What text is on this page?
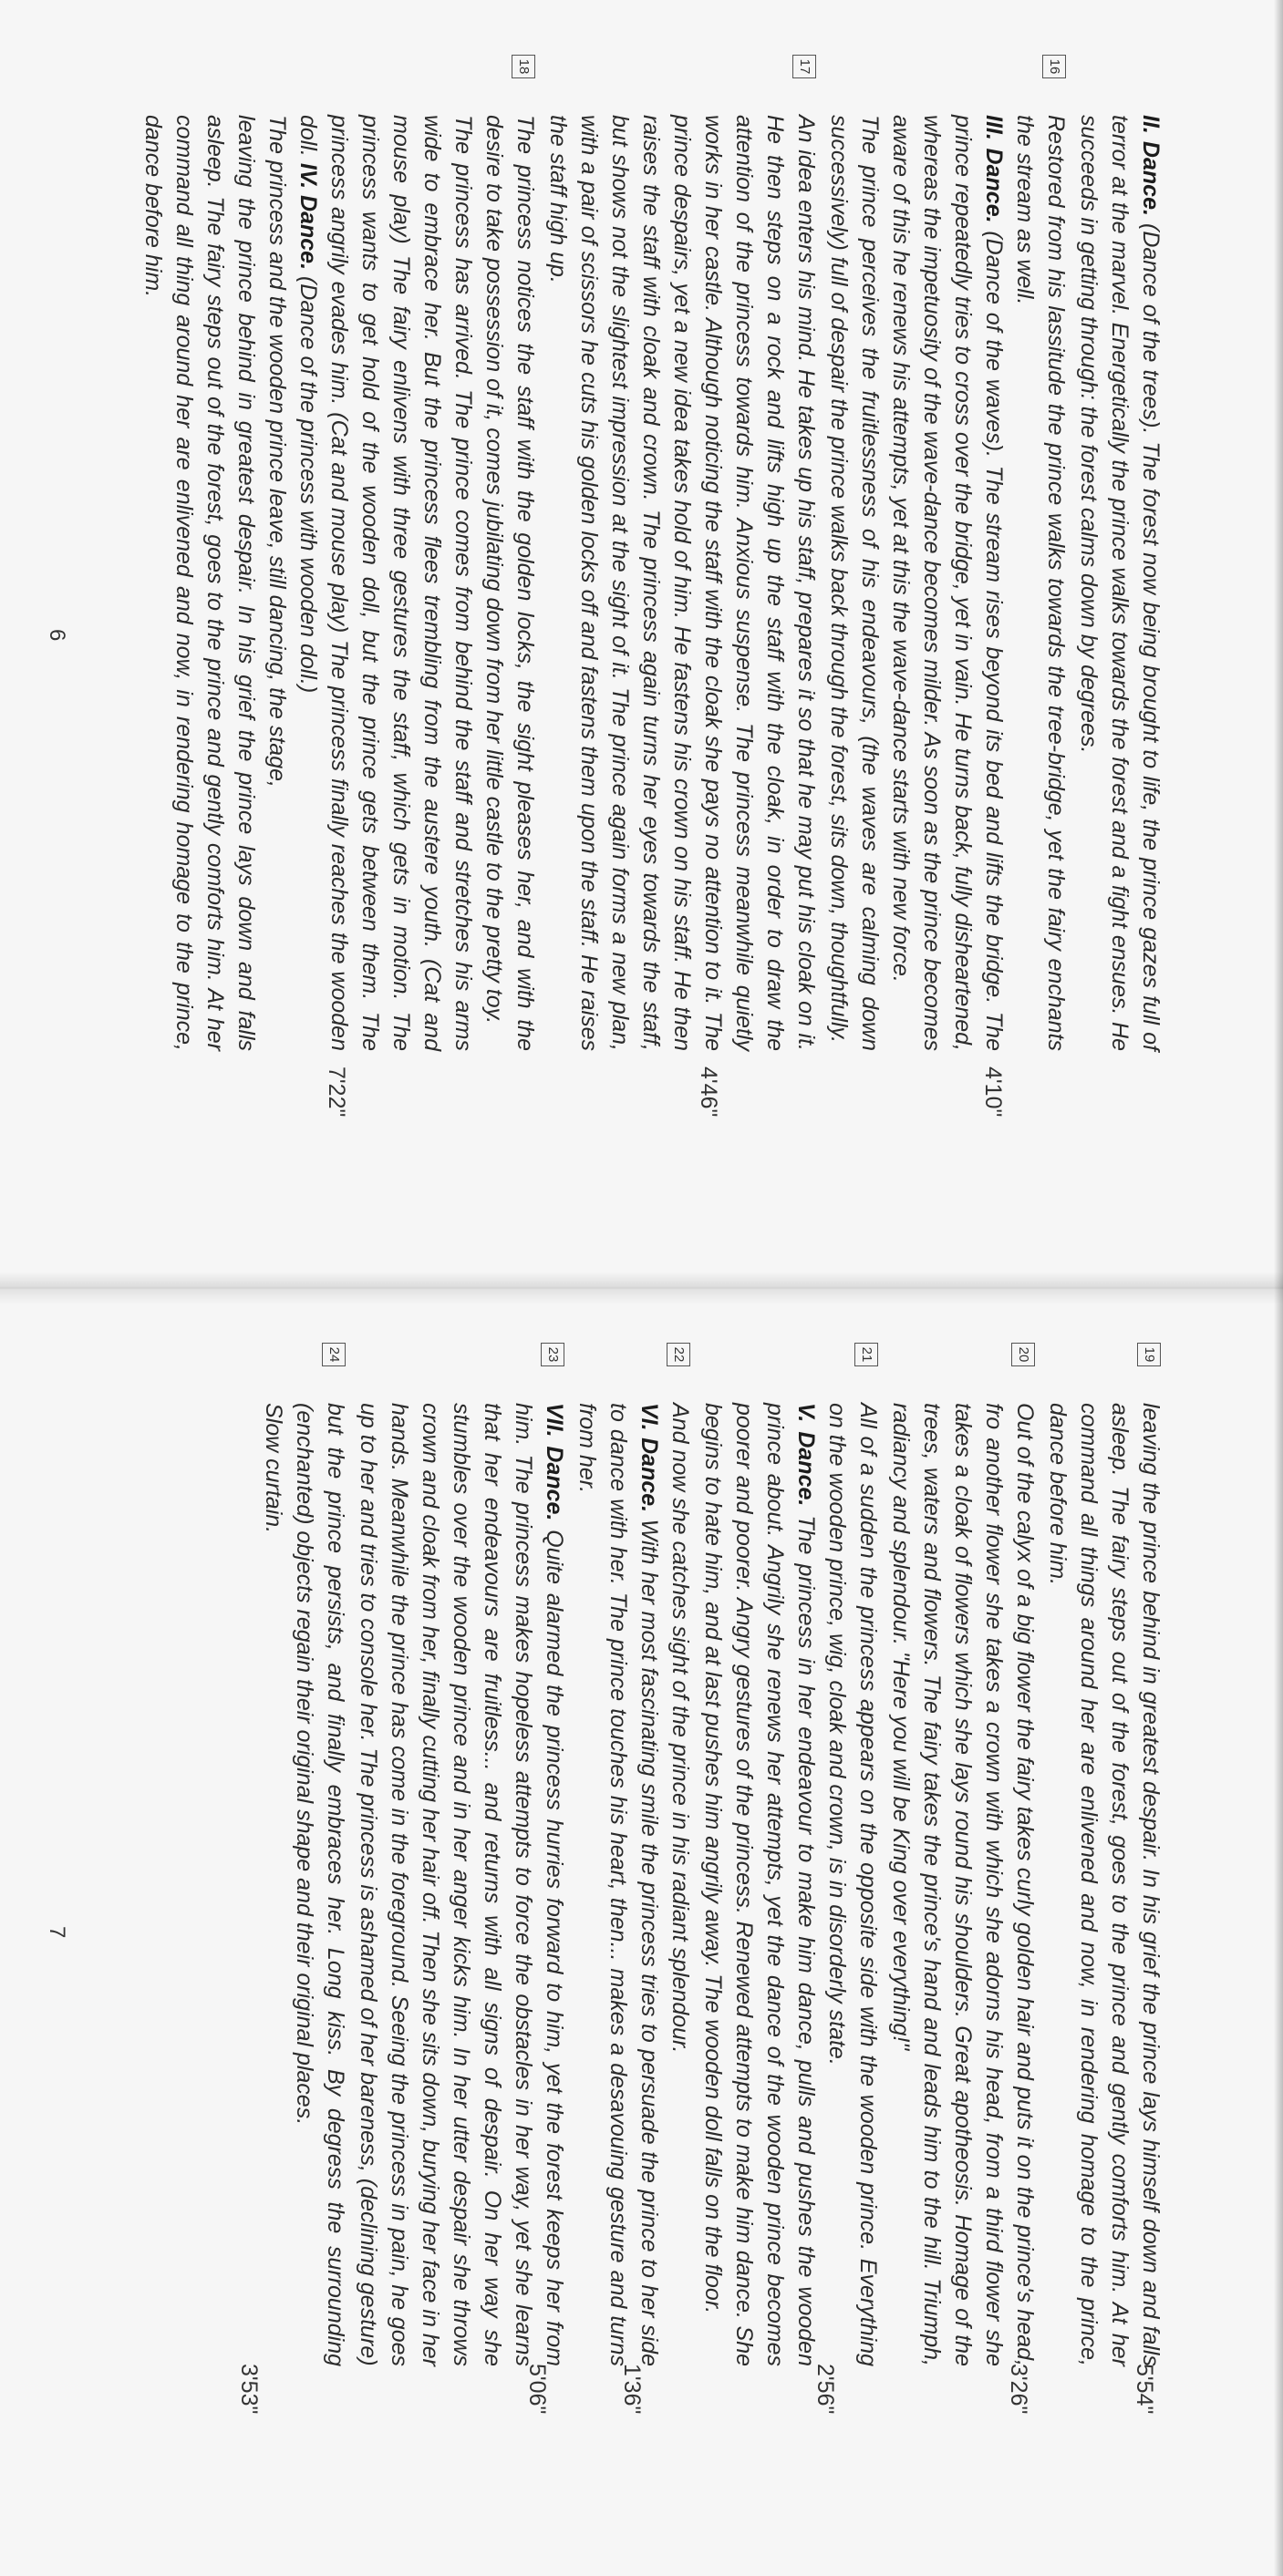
II. Dance. (Dance of the trees). The forest now being brought to life, the prince gazes full of terror at the marvel. Energetically the prince walks towards the forest and a fight ensues. He succeeds in getting through: the forest calms down by degrees.

16

Restored from his lassitude the prince walks towards the tree-bridge, yet the fairy enchants the stream as well.

III. Dance. (Dance of the waves). The stream rises beyond its bed and lifts the bridge. The prince repeatedly tries to cross over the bridge, yet in vain. He turns back, fully disheartened, whereas the impetuosity of the wave-dance becomes milder. As soon as the prince becomes aware of this he renews his attempts, yet at this the wave-dance starts with new force.

The prince perceives the fruitlessness of his endeavours, (the waves are calming down successively) full of despair the prince walks back through the forest, sits down, thoughtfully.

17

An idea enters his mind. He takes up his staff, prepares it so that he may put his cloak on it. He then steps on a rock and lifts high up the staff with the cloak, in order to draw the attention of the princess towards him. Anxious suspense. The princess meanwhile quietly works in her castle. Although noticing the staff with the cloak she pays no attention to it. The prince despairs, yet a new idea takes hold of him. He fastens his crown on his staff. He then raises the staff with cloak and crown. The princess again turns her eyes towards the staff, but shows not the slightest impression at the sight of it. The prince again forms a new plan, with a pair of scissors he cuts his golden locks off and fastens them upon the staff. He raises the staff high up.

18

The princess notices the staff with the golden locks, the sight pleases her, and with the desire to take possession of it, comes jubilating down from her little castle to the pretty toy.

The princess has arrived. The prince comes from behind the staff and stretches his arms wide to embrace her. But the princess flees trembling from the austere youth. (Cat and mouse play) The fairy enlivens with three gestures the staff, which gets in motion. The princess wants to get hold of the wooden doll, but the prince gets between them. The princess angrily evades him. (Cat and mouse play) The princess finally reaches the wooden doll. IV. Dance. (Dance of the princess with wooden doll.)

The princess and the wooden prince leave, still dancing, the stage,

leaving the prince behind in greatest despair. In his grief the prince lays down and falls asleep. The fairy steps out of the forest, goes to the prince and gently comforts him. At her command all thing around her are enlivened and now, in rendering homage to the prince, dance before him.

4'10"
4'46"
7'22"
6
19

leaving the prince behind in greatest despair. In his grief the prince lays himself down and falls asleep. The fairy steps out of the forest, goes to the prince and gently comforts him. At her command all things around her are enlivened and now, in rendering homage to the prince, dance before him.

20

Out of the calyx of a big flower the fairy takes curly golden hair and puts it on the prince's head, fro another flower she takes a crown with which she adorns his head, from a third flower she takes a cloak of flowers which she lays round his shoulders. Great apotheosis. Homage of the trees, waters and flowers. The fairy takes the prince's hand and leads him to the hill. Triumph, radiancy and splendour. "Here you will be King over everything!"

21

All of a sudden the princess appears on the opposite side with the wooden prince. Everything on the wooden prince, wig, cloak and crown, is in disorderly state.

V. Dance. The princess in her endeavour to make him dance, pulls and pushes the wooden prince about. Angrily she renews her attempts, yet the dance of the wooden prince becomes poorer and poorer. Angry gestures of the princess. Renewed attempts to make him dance. She begins to hate him, and at last pushes him angrily away. The wooden doll falls on the floor.

22

And now she catches sight of the prince in his radiant splendour.

VI. Dance. With her most fascinating smile the princess tries to persuade the prince to her side to dance with her. The prince touches his heart, then... makes a desavouing gesture and turns from her.

23

VII. Dance. Quite alarmed the princess hurries forward to him, yet the forest keeps her from him. The princess makes hopeless attempts to force the obstacles in her way, yet she learns that her endeavours are fruitless... and returns with all signs of despair. On her way she stumbles over the wooden prince and in her anger kicks him. In her utter despair she throws crown and cloak from her, finally cutting her hair off. Then she sits down, burying her face in her hands. Meanwhile the prince has come in the foreground. Seeing the princess in pain, he goes up to her and tries to console her. The princess is ashamed of her bareness, (declining gesture)

24

but the prince persists, and finally embraces her. Long kiss. By degress the surrounding (enchanted) objects regain their original shape and their original places.

Slow curtain.

5'54"
3'26"
2'56"
1'36"
5'06"
3'53"
7
